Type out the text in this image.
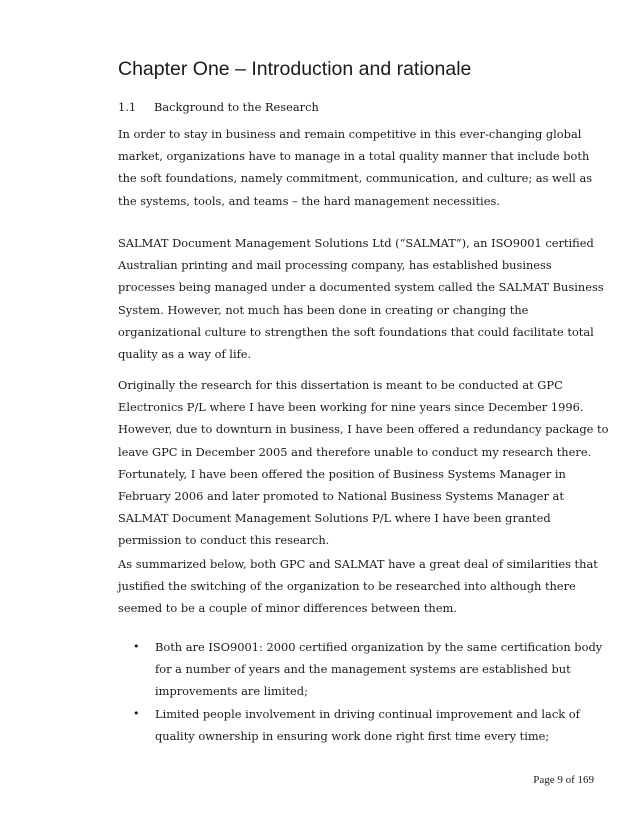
Chapter One – Introduction and rationale
1.1 Background to the Research

In order to stay in business and remain competitive in this ever-changing global
market, organizations have to manage in a total quality manner that include both
the soft foundations, namely commitment, communication, and culture; as well as
the systems, tools, and teams – the hard management necessities.

SALMAT Document Management Solutions Ltd (“SALMAT”), an ISO9001 certified
Australian printing and mail processing company, has established business
processes being managed under a documented system called the SALMAT Business
System. However, not much has been done in creating or changing the
organizational culture to strengthen the soft foundations that could facilitate total
quality as a way of life.

Originally the research for this dissertation is meant to be conducted at GPC
Electronics P/L where I have been working for nine years since December 1996.
However, due to downturn in business, I have been offered a redundancy package to
leave GPC in December 2005 and therefore unable to conduct my research there.
Fortunately, I have been offered the position of Business Systems Manager in
February 2006 and later promoted to National Business Systems Manager at
SALMAT Document Management Solutions P/L where I have been granted
permission to conduct this research.

As summarized below, both GPC and SALMAT have a great deal of similarities that
justified the switching of the organization to be researched into although there
seemed to be a couple of minor differences between them.

• Both are ISO9001: 2000 certified organization by the same certification body
for a number of years and the management systems are established but
improvements are limited;
• Limited people involvement in driving continual improvement and lack of
quality ownership in ensuring work done right first time every time;
Page 9 of 169
